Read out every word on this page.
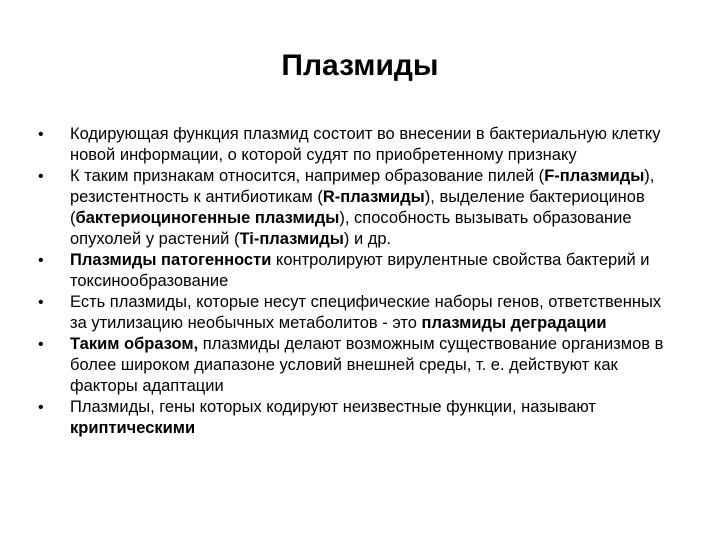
Плазмиды
•	Кодирующая функция плазмид состоит во внесении в бактериальную клетку новой информации, о которой судят по приобретенному признаку
•	К таким признакам относится, например образование пилей (F-плазмиды), резистентность к антибиотикам (R-плазмиды), выделение бактериоцинов (бактериоциногенные плазмиды), способность вызывать образование опухолей у растений (Ti-плазмиды) и др.
•	Плазмиды патогенности контролируют вирулентные свойства бактерий и токсинообразование
•	Есть плазмиды, которые несут специфические наборы генов, ответственных за утилизацию необычных метаболитов - это плазмиды деградации
•	Таким образом, плазмиды делают возможным существование организмов в более широком диапазоне условий внешней среды, т. е. действуют как факторы адаптации
•	Плазмиды, гены которых кодируют неизвестные функции, называют криптическими
